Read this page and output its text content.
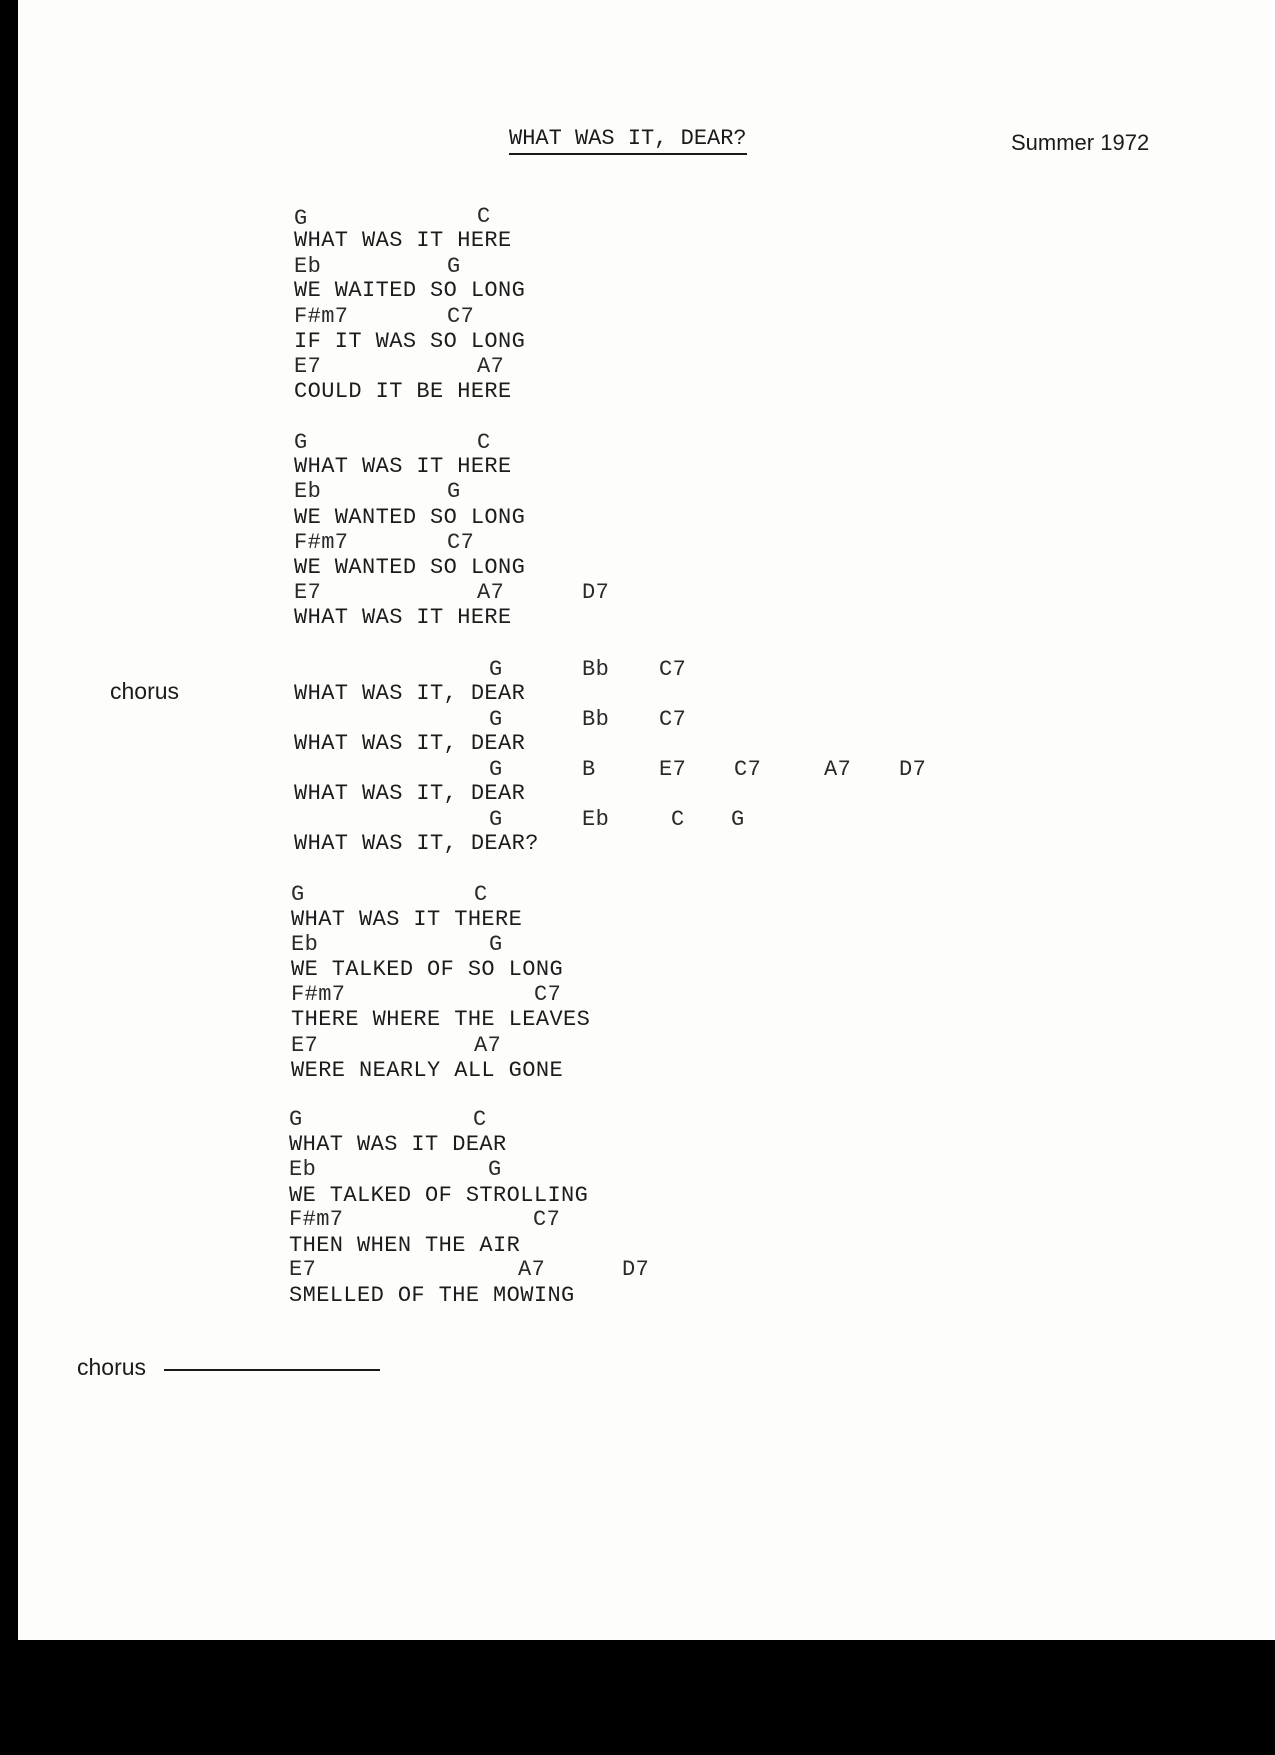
WHAT WAS IT, DEAR?	Summer 1972
G	C
WHAT WAS IT HERE
Eb	G
WE WAITED SO LONG
F#m7	C7
IF IT WAS SO LONG
E7	A7
COULD IT BE HERE
G	C
WHAT WAS IT HERE
Eb	G
WE WANTED SO LONG
F#m7	C7
WE WANTED SO LONG
E7	A7	D7
WHAT WAS IT HERE
chorus
G	Bb C7
WHAT WAS IT, DEAR
G	Bb C7
WHAT WAS IT, DEAR
G	B	E7 C7	A7 D7
WHAT WAS IT, DEAR
G	Eb	C G
WHAT WAS IT, DEAR?
G	C
WHAT WAS IT THERE
Eb	G
WE TALKED OF SO LONG
F#m7	C7
THERE WHERE THE LEAVES
E7	A7
WERE NEARLY ALL GONE
G	C
WHAT WAS IT DEAR
Eb	G
WE TALKED OF STROLLING
F#m7	C7
THEN WHEN THE AIR
E7	A7	D7
SMELLED OF THE MOWING
chorus
